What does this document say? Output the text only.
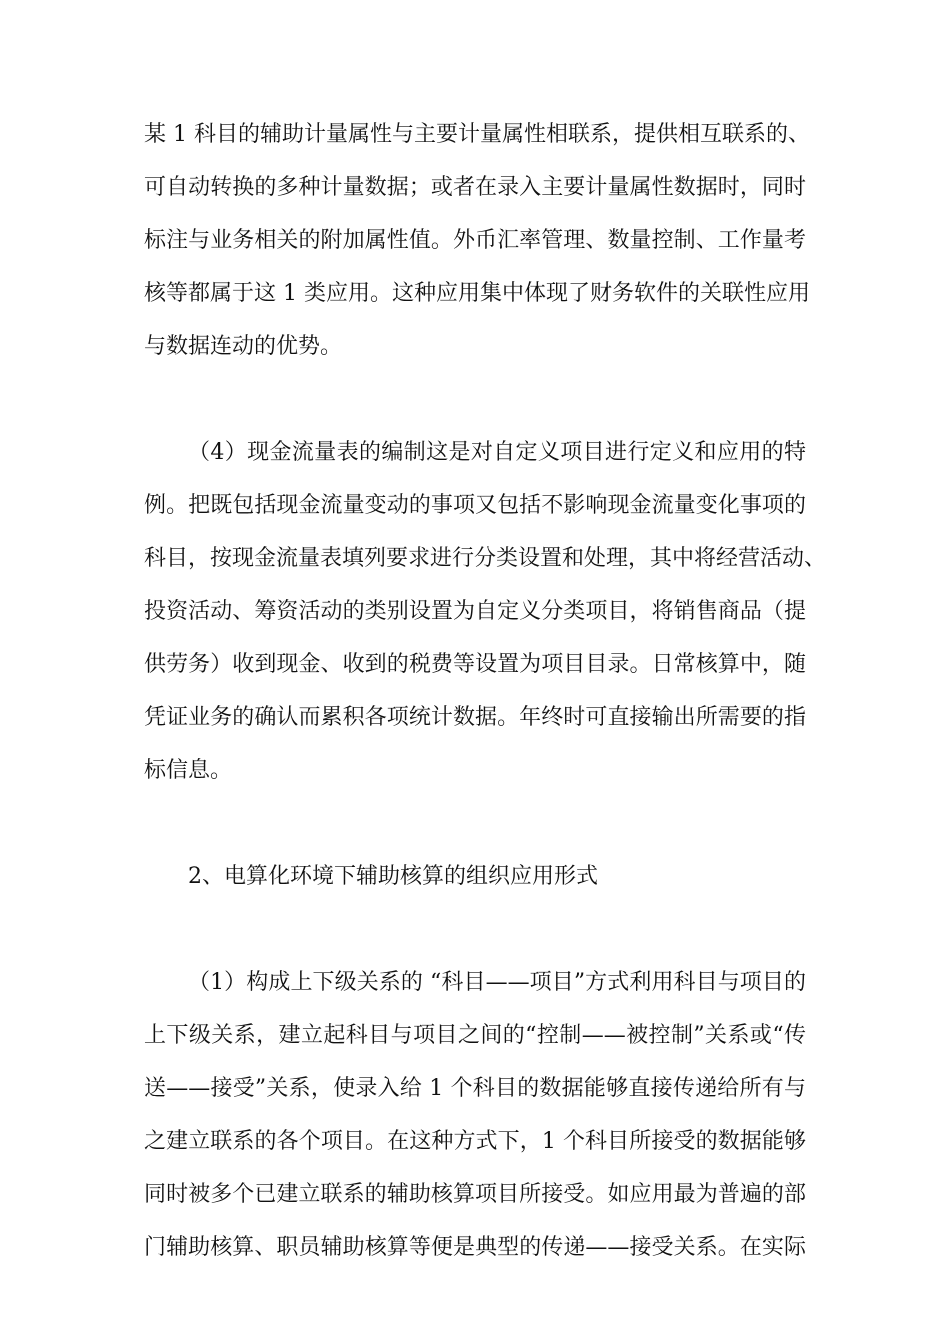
某 1 科目的辅助计量属性与主要计量属性相联系，提供相互联系的、
可自动转换的多种计量数据；或者在录入主要计量属性数据时，同时
标注与业务相关的附加属性值。外币汇率管理、数量控制、工作量考
核等都属于这 1 类应用。这种应用集中体现了财务软件的关联性应用
与数据连动的优势。
（4）现金流量表的编制这是对自定义项目进行定义和应用的特
例。把既包括现金流量变动的事项又包括不影响现金流量变化事项的
科目，按现金流量表填列要求进行分类设置和处理，其中将经营活动、
投资活动、筹资活动的类别设置为自定义分类项目，将销售商品（提
供劳务）收到现金、收到的税费等设置为项目目录。日常核算中，随
凭证业务的确认而累积各项统计数据。年终时可直接输出所需要的指
标信息。
2、电算化环境下辅助核算的组织应用形式
（1）构成上下级关系的 “科目——项目”方式利用科目与项目的
上下级关系，建立起科目与项目之间的“控制——被控制”关系或“传
送——接受”关系，使录入给 1 个科目的数据能够直接传递给所有与
之建立联系的各个项目。在这种方式下，1 个科目所接受的数据能够
同时被多个已建立联系的辅助核算项目所接受。如应用最为普遍的部
门辅助核算、职员辅助核算等便是典型的传递——接受关系。在实际
